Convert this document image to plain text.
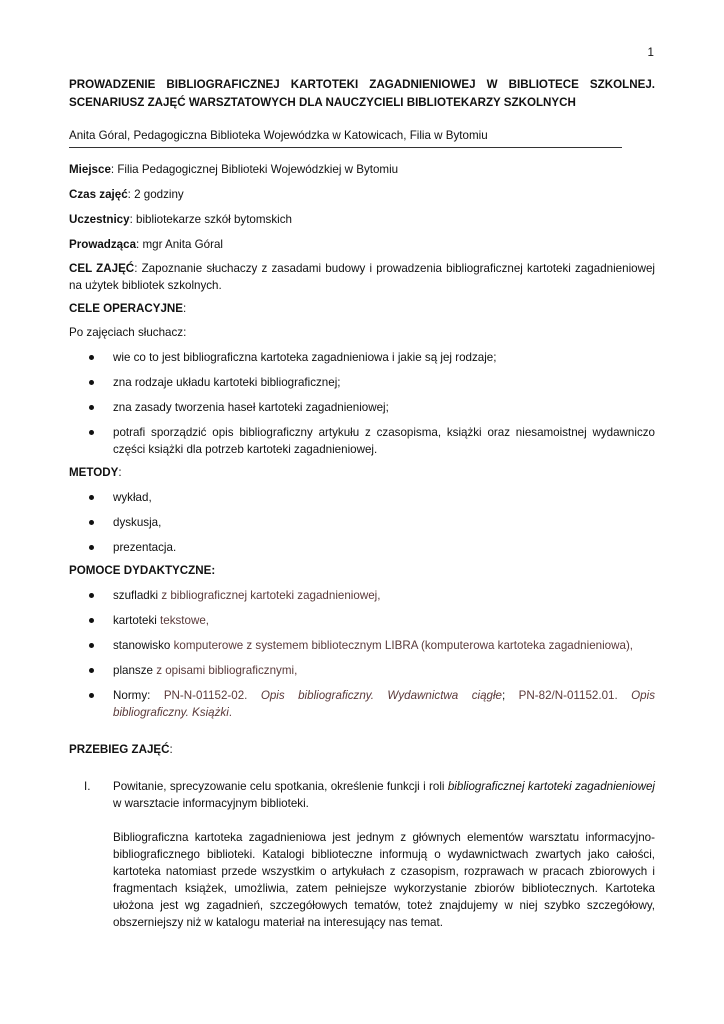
1
PROWADZENIE BIBLIOGRAFICZNEJ KARTOTEKI ZAGADNIENIOWEJ W BIBLIOTECE SZKOLNEJ.
SCENARIUSZ ZAJĘĆ WARSZTATOWYCH DLA NAUCZYCIELI BIBLIOTEKARZY SZKOLNYCH
Anita Góral, Pedagogiczna Biblioteka Wojewódzka w Katowicach, Filia w Bytomiu
Miejsce: Filia Pedagogicznej Biblioteki Wojewódzkiej w Bytomiu
Czas zajęć: 2 godziny
Uczestnicy: bibliotekarze szkół bytomskich
Prowadząca: mgr Anita Góral
CEL ZAJĘĆ: Zapoznanie słuchaczy z zasadami budowy i prowadzenia bibliograficznej kartoteki zagadnieniowej na użytek bibliotek szkolnych.
CELE OPERACYJNE:
Po zajęciach słuchacz:
wie co to jest bibliograficzna kartoteka zagadnieniowa i jakie są jej rodzaje;
zna rodzaje układu kartoteki bibliograficznej;
zna zasady tworzenia haseł kartoteki zagadnieniowej;
potrafi sporządzić opis bibliograficzny artykułu z czasopisma, książki oraz niesamoistnej wydawniczo części książki dla potrzeb kartoteki zagadnieniowej.
METODY:
wykład,
dyskusja,
prezentacja.
POMOCE DYDAKTYCZNE:
szufladki z bibliograficznej kartoteki zagadnieniowej,
kartoteki tekstowe,
stanowisko komputerowe z systemem bibliotecznym LIBRA (komputerowa kartoteka zagadnieniowa),
plansze z opisami bibliograficznymi,
Normy: PN-N-01152-02. Opis bibliograficzny. Wydawnictwa ciągłe; PN-82/N-01152.01. Opis bibliograficzny. Książki.
PRZEBIEG ZAJĘĆ:
I. Powitanie, sprecyzowanie celu spotkania, określenie funkcji i roli bibliograficznej kartoteki zagadnieniowej w warsztacie informacyjnym biblioteki.
Bibliograficzna kartoteka zagadnieniowa jest jednym z głównych elementów warsztatu informacyjno-bibliograficznego biblioteki. Katalogi biblioteczne informują o wydawnictwach zwartych jako całości, kartoteka natomiast przede wszystkim o artykułach z czasopism, rozprawach w pracach zbiorowych i fragmentach książek, umożliwia, zatem pełniejsze wykorzystanie zbiorów bibliotecznych. Kartoteka ułożona jest wg zagadnień, szczegółowych tematów, toteż znajdujemy w niej szybko szczegółowy, obszerniejszy niż w katalogu materiał na interesujący nas temat.
